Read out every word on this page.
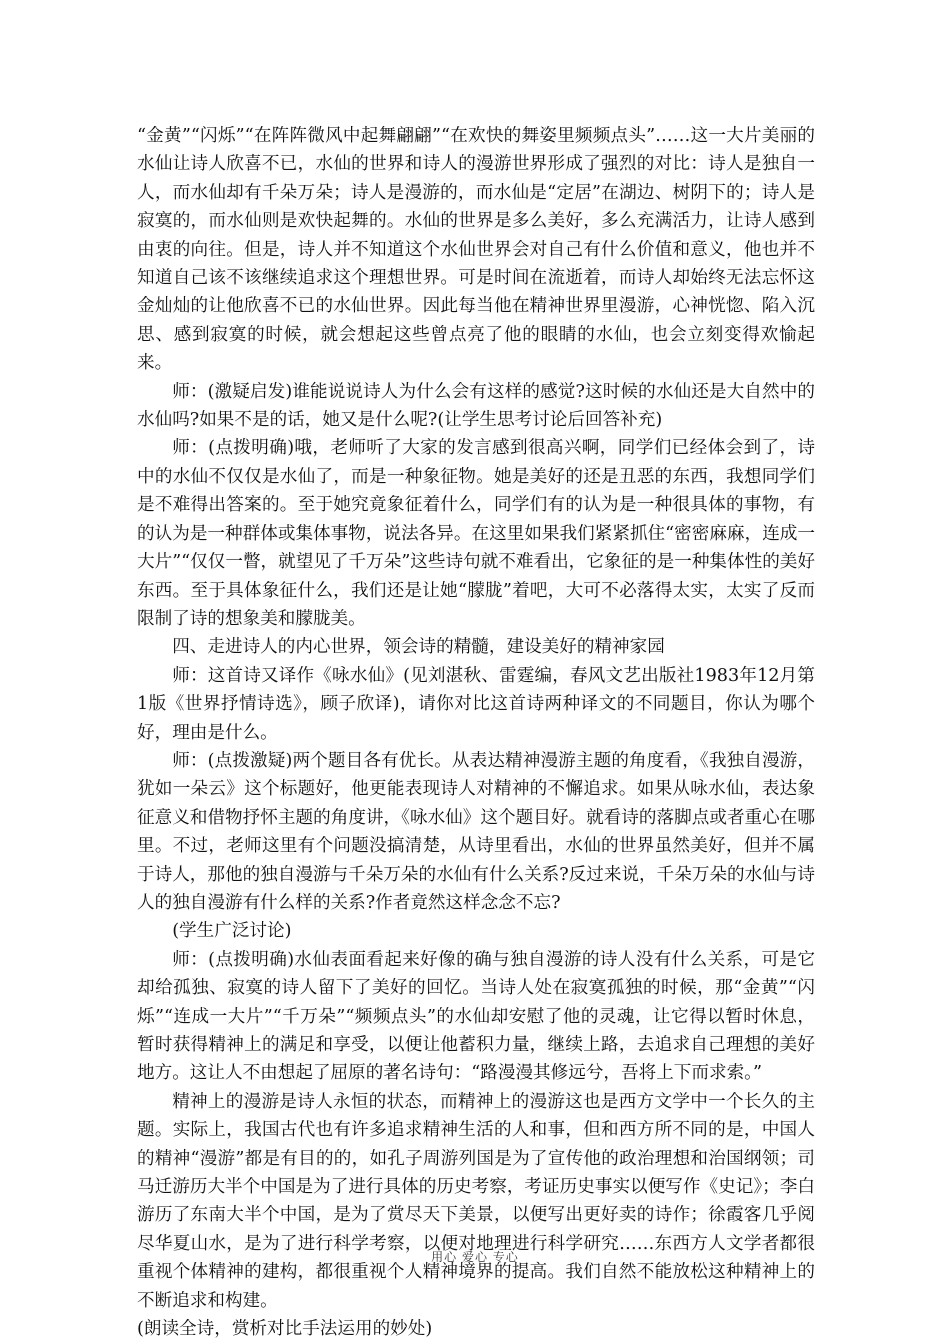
“金黄”“闪烁”“在阵阵微风中起舞翩翩”“在欢快的舞姿里频频点头”……这一大片美丽的水仙让诗人欣喜不已，水仙的世界和诗人的漫游世界形成了强烈的对比：诗人是独自一人，而水仙却有千朵万朵；诗人是漫游的，而水仙是“定居”在湖边、树阴下的；诗人是寂寞的，而水仙则是欢快起舞的。水仙的世界是多么美好，多么充满活力，让诗人感到由衷的向往。但是，诗人并不知道这个水仙世界会对自己有什么价值和意义，他也并不知道自己该不该继续追求这个理想世界。可是时间在流逝着，而诗人却始终无法忘怀这金灿灿的让他欣喜不已的水仙世界。因此每当他在精神世界里漫游，心神恍惚、陷入沉思、感到寂寞的时候，就会想起这些曾点亮了他的眼睛的水仙，也会立刻变得欢愉起来。

师：(激疑启发)谁能说说诗人为什么会有这样的感觉?这时候的水仙还是大自然中的水仙吗?如果不是的话，她又是什么呢?(让学生思考讨论后回答补充)

师：(点拨明确)哦，老师听了大家的发言感到很高兴啊，同学们已经体会到了，诗中的水仙不仅仅是水仙了，而是一种象征物。她是美好的还是丑恶的东西，我想同学们是不难得出答案的。至于她究竟象征着什么，同学们有的认为是一种很具体的事物，有的认为是一种群体或集体事物，说法各异。在这里如果我们紧紧抓住“密密麻麻，连成一大片”“仅仅一瞥，就望见了千万朵”这些诗句就不难看出，它象征的是一种集体性的美好东西。至于具体象征什么，我们还是让她“朦胧”着吧，大可不必落得太实，太实了反而限制了诗的想象美和朦胧美。

四、走进诗人的内心世界，领会诗的精髓，建设美好的精神家园

师：这首诗又译作《咏水仙》(见刘湛秋、雷霆编，春风文艺出版社1983年12月第1版《世界抒情诗选》，顾子欣译)，请你对比这首诗两种译文的不同题目，你认为哪个好，理由是什么。

师：(点拨激疑)两个题目各有优长。从表达精神漫游主题的角度看，《我独自漫游，犹如一朵云》这个标题好，他更能表现诗人对精神的不懈追求。如果从咏水仙，表达象征意义和借物抒怀主题的角度讲，《咏水仙》这个题目好。就看诗的落脚点或者重心在哪里。不过，老师这里有个问题没搞清楚，从诗里看出，水仙的世界虽然美好，但并不属于诗人，那他的独自漫游与千朵万朵的水仙有什么关系?反过来说，千朵万朵的水仙与诗人的独自漫游有什么样的关系?作者竟然这样念念不忘?

(学生广泛讨论)

师：(点拨明确)水仙表面看起来好像的确与独自漫游的诗人没有什么关系，可是它却给孤独、寂寞的诗人留下了美好的回忆。当诗人处在寂寞孤独的时候，那“金黄”“闪烁”“连成一大片”“千万朵”“频频点头”的水仙却安慰了他的灵魂，让它得以暂时休息，暂时获得精神上的满足和享受，以便让他蓄积力量，继续上路，去追求自己理想的美好地方。这让人不由想起了屈原的著名诗句：“路漫漫其修远兮，吾将上下而求索。”

精神上的漫游是诗人永恒的状态，而精神上的漫游这也是西方文学中一个长久的主题。实际上，我国古代也有许多追求精神生活的人和事，但和西方所不同的是，中国人的精神“漫游”都是有目的的，如孔子周游列国是为了宣传他的政治理想和治国纲领；司马迁游历大半个中国是为了进行具体的历史考察，考证历史事实以便写作《史记》；李白游历了东南大半个中国，是为了赏尽天下美景，以便写出更好卖的诗作；徐霞客几乎阅尽华夏山水，是为了进行科学考察，以便对地理进行科学研究……东西方人文学者都很重视个体精神的建构，都很重视个人精神境界的提高。我们自然不能放松这种精神上的不断追求和构建。

(朗读全诗，赏析对比手法运用的妙处)

用心 爱心 专心
